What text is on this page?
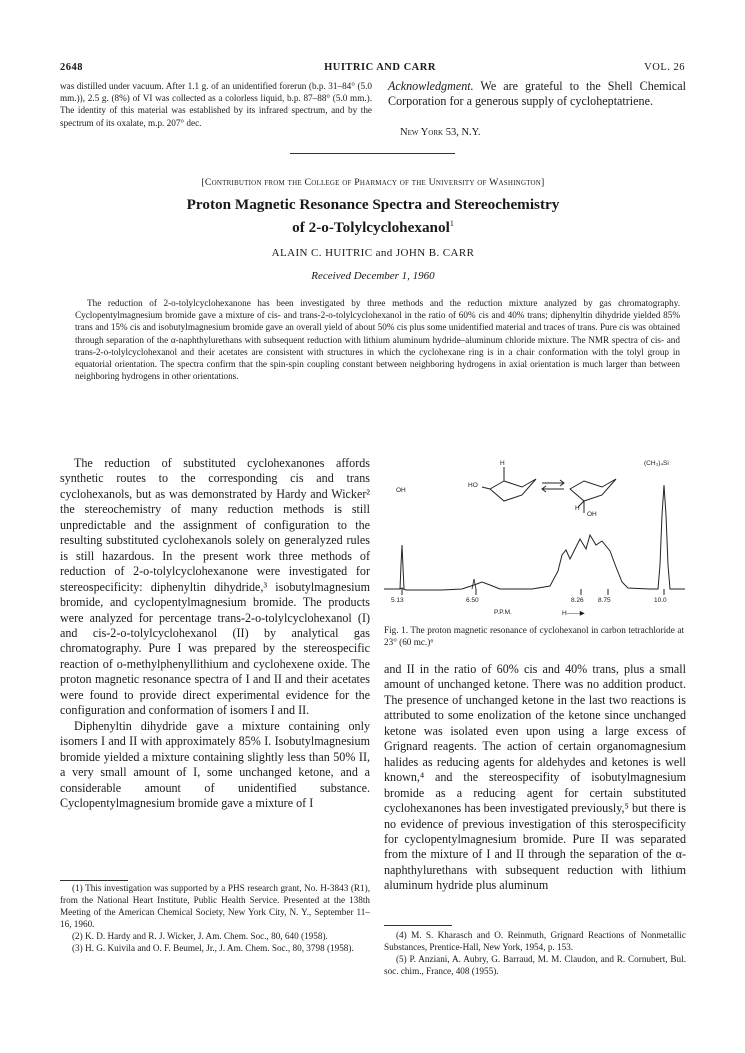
2648	HUITRIC AND CARR	VOL. 26
was distilled under vacuum. After 1.1 g. of an unidentified forerun (b.p. 31–84° (5.0 mm.)), 2.5 g. (8%) of VI was collected as a colorless liquid, b.p. 87–88° (5.0 mm.). The identity of this material was established by its infrared spectrum, and by the spectrum of its oxalate, m.p. 207° dec.
Acknowledgment. We are grateful to the Shell Chemical Corporation for a generous supply of cycloheptatriene.
New York 53, N.Y.
[Contribution from the College of Pharmacy of the University of Washington]
Proton Magnetic Resonance Spectra and Stereochemistry
of 2-o-Tolylcyclohexanol$^1$
ALAIN C. HUITRIC and JOHN B. CARR
Received December 1, 1960
The reduction of 2-o-tolylcyclohexanone has been investigated by three methods and the reduction mixture analyzed by gas chromatography. Cyclopentylmagnesium bromide gave a mixture of cis- and trans-2-o-tolylcyclohexanol in the ratio of 60% cis and 40% trans; diphenyltin dihydride yielded 85% trans and 15% cis and isobutylmagnesium bromide gave an overall yield of about 50% cis plus some unidentified material and traces of trans. Pure cis was obtained through separation of the α-naphthylurethans with subsequent reduction with lithium aluminum hydride–aluminum chloride mixture. The NMR spectra of cis- and trans-2-o-tolylcyclohexanol and their acetates are consistent with structures in which the cyclohexane ring is in a chair conformation with the tolyl group in equatorial orientation. The spectra confirm that the spin-spin coupling constant between neighboring hydrogens in axial orientation is much larger than between neighboring hydrogens in other orientations.

The reduction of substituted cyclohexanones affords synthetic routes to the corresponding cis and trans cyclohexanols, but as was demonstrated by Hardy and Wicker² the stereochemistry of many reduction methods is still unpredictable and the assignment of configuration to the resulting substituted cyclohexanols solely on generalyzed rules is still hazardous. In the present work three methods of reduction of 2-o-tolylcyclohexanone were investigated for stereospecificity: diphenyltin dihydride,³ isobutylmagnesium bromide, and cyclopentylmagnesium bromide. The products were analyzed for percentage trans-2-o-tolylcyclohexanol (I) and cis-2-o-tolylcyclohexanol (II) by analytical gas chromatography. Pure I was prepared by the stereospecific reaction of o-methylphenyllithium and cyclohexene oxide. The proton magnetic resonance spectra of I and II and their acetates were found to provide direct experimental evidence for the configuration and conformation of isomers I and II.

Diphenyltin dihydride gave a mixture containing only isomers I and II with approximately 85% I. Isobutylmagnesium bromide yielded a mixture containing slightly less than 50% II, a very small amount of I, some unchanged ketone, and a considerable amount of unidentified substance. Cyclopentylmagnesium bromide gave a mixture of I

OH
HO
H
H
OH
(CH₃)₄Si
5.13	6.50	8.26 8.75	10.0
P.P.M.	H——▶
Fig. 1. The proton magnetic resonance of cyclohexanol in carbon tetrachloride at 23° (60 mc.)⁶

and II in the ratio of 60% cis and 40% trans, plus a small amount of unchanged ketone. There was no addition product. The presence of unchanged ketone in the last two reactions is attributed to some enolization of the ketone since unchanged ketone was isolated even upon using a large excess of Grignard reagents. The action of certain organomagnesium halides as reducing agents for aldehydes and ketones is well known,⁴ and the stereospecifity of isobutylmagnesium bromide as a reducing agent for certain substituted cyclohexanones has been investigated previously,⁵ but there is no evidence of previous investigation of this sterospecificity for cyclopentylmagnesium bromide. Pure II was separated from the mixture of I and II through the separation of the α-naphthylurethans with subsequent reduction with lithium aluminum hydride plus aluminum

(1) This investigation was supported by a PHS research grant, No. H-3843 (R1), from the National Heart Institute, Public Health Service. Presented at the 138th Meeting of the American Chemical Society, New York City, N. Y., September 11–16, 1960.

(2) K. D. Hardy and R. J. Wicker, J. Am. Chem. Soc., 80, 640 (1958).

(3) H. G. Kuivila and O. F. Beumel, Jr., J. Am. Chem. Soc., 80, 3798 (1958).

(4) M. S. Kharasch and O. Reinmuth, Grignard Reactions of Nonmetallic Substances, Prentice-Hall, New York, 1954, p. 153.

(5) P. Anziani, A. Aubry, G. Barraud, M. M. Claudon, and R. Cornubert, Bul. soc. chim., France, 408 (1955).
